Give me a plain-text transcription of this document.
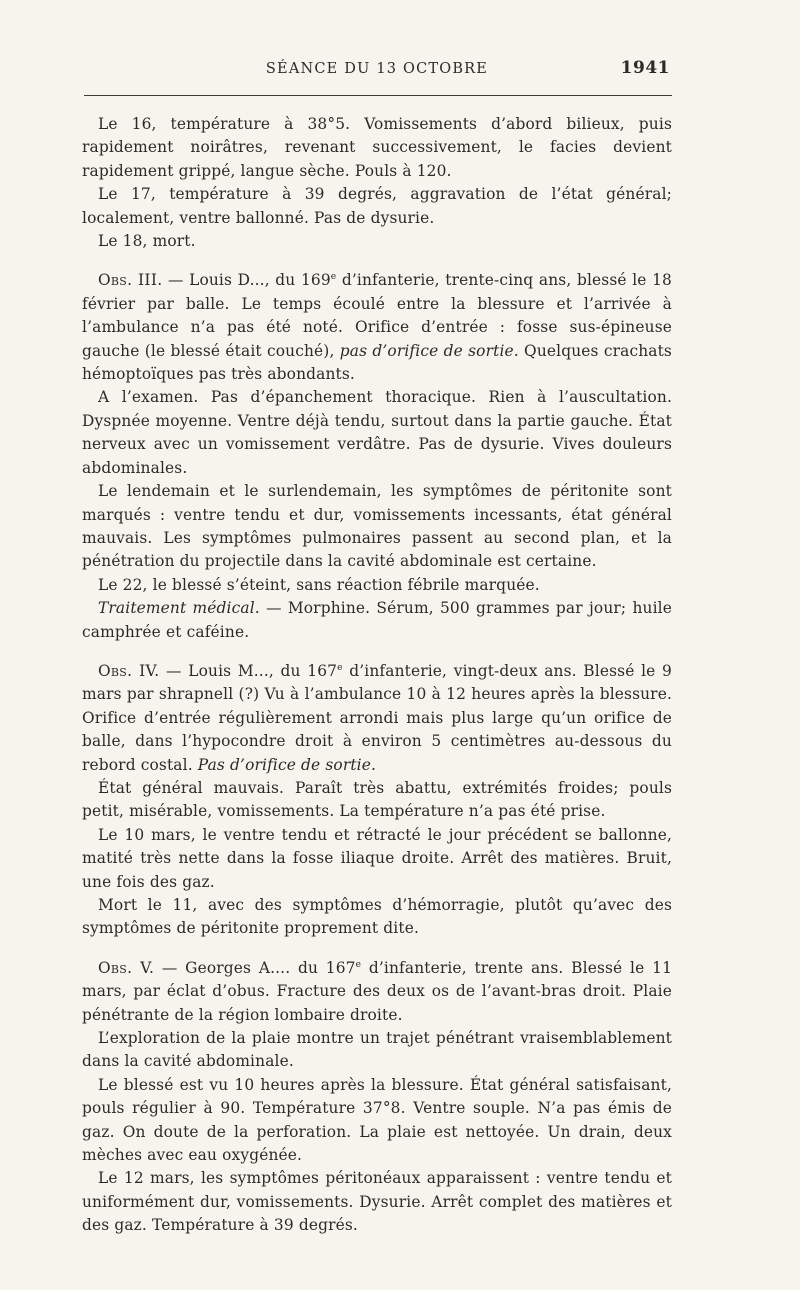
SÉANCE DU 13 OCTOBRE	1941

Le 16, température à 38°5. Vomissements d’abord bilieux, puis rapidement noirâtres, revenant successivement, le facies devient rapidement grippé, langue sèche. Pouls à 120.

Le 17, température à 39 degrés, aggravation de l’état général; localement, ventre ballonné. Pas de dysurie.

Le 18, mort.

Obs. III. — Louis D..., du 169e d’infanterie, trente-cinq ans, blessé le 18 février par balle. Le temps écoulé entre la blessure et l’arrivée à l’ambulance n’a pas été noté. Orifice d’entrée : fosse sus-épineuse gauche (le blessé était couché), pas d’orifice de sortie. Quelques crachats hémoptoïques pas très abondants.

A l’examen. Pas d’épanchement thoracique. Rien à l’auscultation. Dyspnée moyenne. Ventre déjà tendu, surtout dans la partie gauche. État nerveux avec un vomissement verdâtre. Pas de dysurie. Vives douleurs abdominales.

Le lendemain et le surlendemain, les symptômes de péritonite sont marqués : ventre tendu et dur, vomissements incessants, état général mauvais. Les symptômes pulmonaires passent au second plan, et la pénétration du projectile dans la cavité abdominale est certaine.

Le 22, le blessé s’éteint, sans réaction fébrile marquée.

Traitement médical. — Morphine. Sérum, 500 grammes par jour; huile camphrée et caféine.

Obs. IV. — Louis M..., du 167e d’infanterie, vingt-deux ans. Blessé le 9 mars par shrapnell (?) Vu à l’ambulance 10 à 12 heures après la blessure. Orifice d’entrée régulièrement arrondi mais plus large qu’un orifice de balle, dans l’hypocondre droit à environ 5 centimètres au-dessous du rebord costal. Pas d’orifice de sortie.

État général mauvais. Paraît très abattu, extrémités froides; pouls petit, misérable, vomissements. La température n’a pas été prise.

Le 10 mars, le ventre tendu et rétracté le jour précédent se ballonne, matité très nette dans la fosse iliaque droite. Arrêt des matières. Bruit, une fois des gaz.

Mort le 11, avec des symptômes d’hémorragie, plutôt qu’avec des symptômes de péritonite proprement dite.

Obs. V. — Georges A.... du 167e d’infanterie, trente ans. Blessé le 11 mars, par éclat d’obus. Fracture des deux os de l’avant-bras droit. Plaie pénétrante de la région lombaire droite.

L’exploration de la plaie montre un trajet pénétrant vraisemblablement dans la cavité abdominale.

Le blessé est vu 10 heures après la blessure. État général satisfaisant, pouls régulier à 90. Température 37°8. Ventre souple. N’a pas émis de gaz. On doute de la perforation. La plaie est nettoyée. Un drain, deux mèches avec eau oxygénée.

Le 12 mars, les symptômes péritonéaux apparaissent : ventre tendu et uniformément dur, vomissements. Dysurie. Arrêt complet des matières et des gaz. Température à 39 degrés.
